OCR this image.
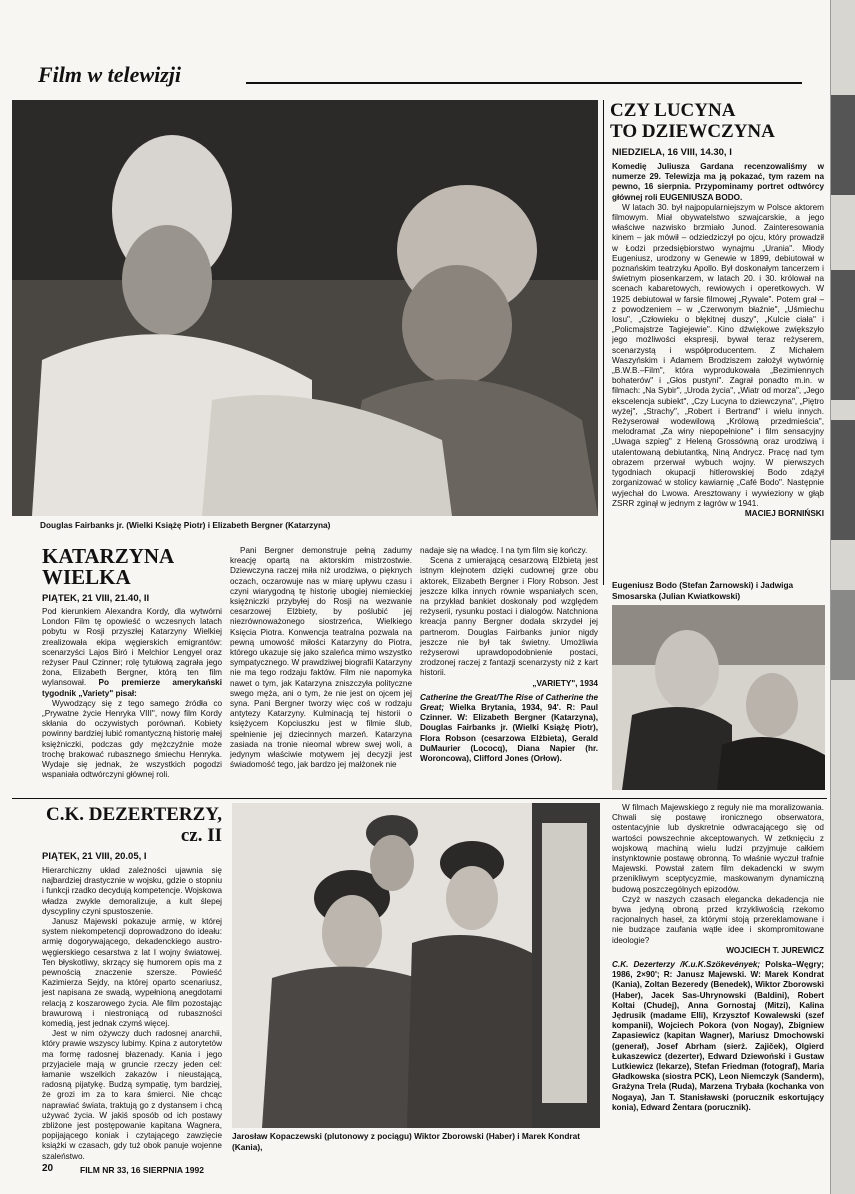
Film w telewizji
Douglas Fairbanks jr. (Wielki Książę Piotr) i Elizabeth Bergner (Katarzyna)
CZY LUCYNA
TO DZIEWCZYNA
NIEDZIELA, 16 VIII, 14.30, I

Komedię Juliusza Gardana recenzowaliśmy w numerze 29. Telewizja ma ją pokazać, tym razem na pewno, 16 sierpnia. Przypominamy portret odtwórcy głównej roli EUGENIUSZA BODO.

W latach 30. był najpopularniejszym w Polsce aktorem filmowym. Miał obywatelstwo szwajcarskie, a jego właściwe nazwisko brzmiało Junod. Zainteresowania kinem – jak mówił – odziedziczył po ojcu, który prowadził w Łodzi przedsiębiorstwo wynajmu „Urania". Młody Eugeniusz, urodzony w Genewie w 1899, debiutował w poznańskim teatrzyku Apollo. Był doskonałym tancerzem i świetnym piosenkarzem, w latach 20. i 30. królował na scenach kabaretowych, rewiowych i operetkowych. W 1925 debiutował w farsie filmowej „Rywale". Potem grał – z powodzeniem – w „Czerwonym błaźnie", „Uśmiechu losu", „Człowieku o błękitnej duszy", „Kulcie ciała" i „Policmajstrze Tagiejewie". Kino dźwiękowe zwiększyło jego możliwości ekspresji, bywał teraz reżyserem, scenarzystą i współproducentem. Z Michałem Waszyńskim i Adamem Brodziszem założył wytwórnię „B.W.B.–Film", która wyprodukowała „Bezimiennych bohaterów" i „Głos pustyni". Zagrał ponadto m.in. w filmach: „Na Sybir", „Uroda życia", „Wiatr od morza", „Jego ekscelencja subiekt", „Czy Lucyna to dziewczyna", „Piętro wyżej", „Strachy", „Robert i Bertrand" i wielu innych. Reżyserował wodewilową „Królową przedmieścia", melodramat „Za winy niepopełnione" i film sensacyjny „Uwaga szpieg" z Heleną Grossówną oraz urodziwą i utalentowaną debiutantką, Niną Andrycz. Pracę nad tym obrazem przerwał wybuch wojny. W pierwszych tygodniach okupacji hitlerowskiej Bodo zdążył zorganizować w stolicy kawiarnię „Café Bodo". Następnie wyjechał do Lwowa. Aresztowany i wywieziony w głąb ZSRR zginął w jednym z łagrów w 1941.

MACIEJ BORNIŃSKI
Eugeniusz Bodo (Stefan Żarnowski) i Jadwiga Smosarska (Julian Kwiatkowski)
KATARZYNA
WIELKA
PIĄTEK, 21 VIII, 21.40, II

Pod kierunkiem Alexandra Kordy, dla wytwórni London Film tę opowieść o wczesnych latach pobytu w Rosji przyszłej Katarzyny Wielkiej zrealizowała ekipa węgierskich emigrantów: scenarzyści Lajos Biró i Melchior Lengyel oraz reżyser Paul Czinner; rolę tytułową zagrała jego żona, Elizabeth Bergner, którą ten film wylansował. Po premierze amerykański tygodnik „Variety" pisał:

Wywodzący się z tego samego źródła co „Prywatne życie Henryka VIII", nowy film Kordy skłania do oczywistych porównań. Kobiety powinny bardziej lubić romantyczną historię małej księżniczki, podczas gdy mężczyźnie może trochę brakować rubasznego śmiechu Henryka. Wydaje się jednak, że wszystkich pogodzi wspaniała odtwórczyni głównej roli.

Pani Bergner demonstruje pełną zadumy kreację opartą na aktorskim mistrzostwie. Dziewczyna raczej miła niż urodziwa, o pięknych oczach, oczarowuje nas w miarę upływu czasu i czyni wiarygodną tę historię ubogiej niemieckiej księżniczki przybyłej do Rosji na wezwanie cesarzowej Elżbiety, by poślubić jej niezrównoważonego siostrzeńca, Wielkiego Księcia Piotra. Konwencja teatralna pozwala na pewną umowość miłości Katarzyny do Piotra, którego ukazuje się jako szaleńca mimo wszystko sympatycznego. W prawdziwej biografii Katarzyny nie ma tego rodzaju faktów. Film nie napomyka nawet o tym, jak Katarzyna zniszczyła polityczne swego męża, ani o tym, że nie jest on ojcem jej syna. Pani Bergner tworzy więc coś w rodzaju antytezy Katarzyny. Kulminacją tej historii o księżycem Kopciuszku jest w filmie ślub, spełnienie jej dziecinnych marzeń. Katarzyna zasiada na tronie nieomal wbrew swej woli, a jedynym właściwie motywem jej decyzji jest świadomość tego, jak bardzo jej małżonek nie

nadaje się na władcę. I na tym film się kończy.

Scena z umierającą cesarzową Elżbietą jest istnym klejnotem dzięki cudownej grze obu aktorek, Elizabeth Bergner i Flory Robson. Jest jeszcze kilka innych równie wspaniałych scen, na przykład bankiet doskonały pod względem reżyserii, rysunku postaci i dialogów. Natchniona kreacja panny Bergner dodała skrzydeł jej partnerom. Douglas Fairbanks junior nigdy jeszcze nie był tak świetny. Umożliwia reżyserowi uprawdopodobnienie postaci, zrodzonej raczej z fantazji scenarzysty niż z kart historii.

„VARIETY", 1934

Catherine the Great/The Rise of Catherine the Great; Wielka Brytania, 1934, 94'. R: Paul Czinner. W: Elizabeth Bergner (Katarzyna), Douglas Fairbanks jr. (Wielki Książę Piotr), Flora Robson (cesarzowa Elżbieta), Gerald DuMaurier (Lococq), Diana Napier (hr. Woroncowa), Clifford Jones (Orłow).

C.K. DEZERTERZY,
cz. II
PIĄTEK, 21 VIII, 20.05, I

Hierarchiczny układ zależności ujawnia się najbardziej drastycznie w wojsku, gdzie o stopniu i funkcji rzadko decydują kompetencje. Wojskowa władza zwykle demoralizuje, a kult ślepej dyscypliny czyni spustoszenie.

Janusz Majewski pokazuje armię, w której system niekompetencji doprowadzono do ideału: armię dogorywającego, dekadenckiego austro-węgierskiego cesarstwa z lat I wojny światowej. Ten błyskotliwy, skrzący się humorem opis ma z pewnością znaczenie szersze. Powieść Kazimierza Sejdy, na której oparto scenariusz, jest napisana ze swadą, wypełnioną anegdotami relacją z koszarowego życia. Ale film pozostając brawurową i niestroniącą od rubaszności komedią, jest jednak czymś więcej.

Jest w nim ożywczy duch radosnej anarchii, który prawie wszyscy lubimy. Kpina z autorytetów ma formę radosnej błazenady. Kania i jego przyjaciele mają w gruncie rzeczy jeden cel: łamanie wszelkich zakazów i nieustającą, radosną pijatykę. Budzą sympatię, tym bardziej, że grozi im za to kara śmierci. Nie chcąc naprawiać świata, traktują go z dystansem i chcą używać życia. W jakiś sposób od ich postawy zbliżone jest postępowanie kapitana Wagnera, popijającego koniak i czytającego zawzięcie książki w czasach, gdy tuż obok panuje wojenne szaleństwo.

Jarosław Kopaczewski (plutonowy z pociągu) Wiktor Zborowski (Haber) i Marek Kondrat (Kania),

W filmach Majewskiego z reguły nie ma moralizowania. Chwali się postawę ironicznego obserwatora, ostentacyjnie lub dyskretnie odwracającego się od wartości powszechnie akceptowanych. W zetknięciu z wojskową machiną wielu ludzi przyjmuje całkiem instynktownie postawę obronną. To właśnie wyczuł trafnie Majewski. Powstał zatem film dekadencki w swym przenikliwym sceptycyzmie, maskowanym dynamiczną budową poszczególnych epizodów.

Czyż w naszych czasach elegancka dekadencja nie bywa jedyną obroną przed krzykliwością rzekomo racjonalnych haseł, za którymi stoją przereklamowane i nie budzące zaufania wątłe idee i skompromitowane ideologie?

WOJCIECH T. JUREWICZ

C.K. Dezerterzy /K.u.K.Szökevények; Polska–Węgry; 1986, 2×90'; R: Janusz Majewski. W: Marek Kondrat (Kania), Zoltan Bezeredy (Benedek), Wiktor Zborowski (Haber), Jacek Sas-Uhrynowski (Baldini), Robert Koltai (Chudej), Anna Gornostaj (Mitzi), Kalina Jędrusik (madame Elli), Krzysztof Kowalewski (szef kompanii), Wojciech Pokora (von Nogay), Zbigniew Zapasiewicz (kapitan Wagner), Mariusz Dmochowski (generał), Josef Abrham (sierż. Zajiček), Olgierd Łukaszewicz (dezerter), Edward Dziewoński i Gustaw Lutkiewicz (lekarze), Stefan Friedman (fotograf), Maria Gładkowska (siostra PCK), Leon Niemczyk (Sanderm), Grażyna Trela (Ruda), Marzena Trybała (kochanka von Nogaya), Jan T. Stanisławski (porucznik eskortujący konia), Edward Żentara (porucznik).

20	FILM NR 33, 16 SIERPNIA 1992
